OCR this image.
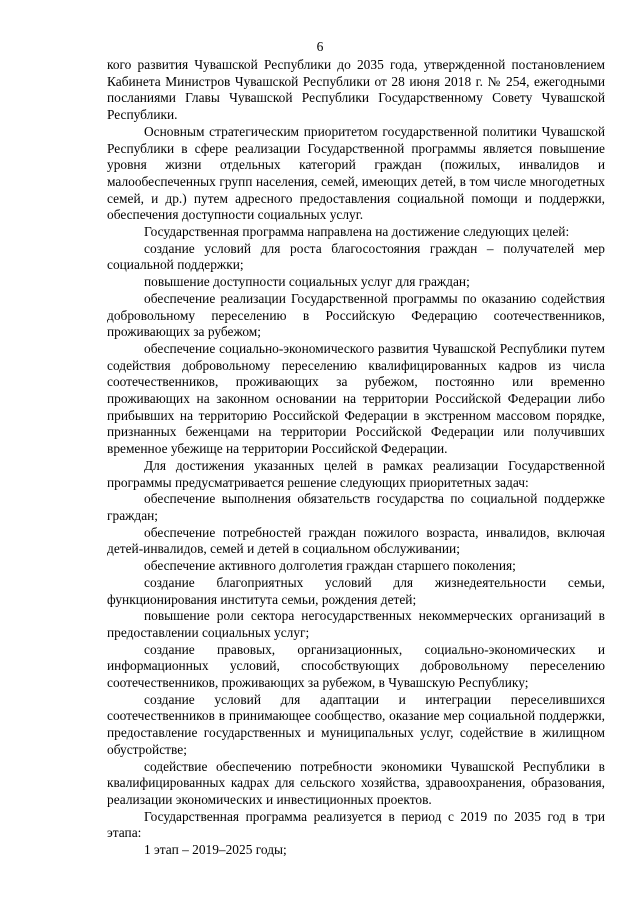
6

кого развития Чувашской Республики до 2035 года, утвержденной постановлением Кабинета Министров Чувашской Республики от 28 июня 2018 г. № 254, ежегодными посланиями Главы Чувашской Республики Государственному Совету Чувашской Республики.

Основным стратегическим приоритетом государственной политики Чувашской Республики в сфере реализации Государственной программы является повышение уровня жизни отдельных категорий граждан (пожилых, инвалидов и малообеспеченных групп населения, семей, имеющих детей, в том числе многодетных семей, и др.) путем адресного предоставления социальной помощи и поддержки, обеспечения доступности социальных услуг.

Государственная программа направлена на достижение следующих целей:

создание условий для роста благосостояния граждан – получателей мер социальной поддержки;

повышение доступности социальных услуг для граждан;

обеспечение реализации Государственной программы по оказанию содействия добровольному переселению в Российскую Федерацию соотечественников, проживающих за рубежом;

обеспечение социально-экономического развития Чувашской Республики путем содействия добровольному переселению квалифицированных кадров из числа соотечественников, проживающих за рубежом, постоянно или временно проживающих на законном основании на территории Российской Федерации либо прибывших на территорию Российской Федерации в экстренном массовом порядке, признанных беженцами на территории Российской Федерации или получивших временное убежище на территории Российской Федерации.

Для достижения указанных целей в рамках реализации Государственной программы предусматривается решение следующих приоритетных задач:

обеспечение выполнения обязательств государства по социальной поддержке граждан;

обеспечение потребностей граждан пожилого возраста, инвалидов, включая детей-инвалидов, семей и детей в социальном обслуживании;

обеспечение активного долголетия граждан старшего поколения;

создание благоприятных условий для жизнедеятельности семьи, функционирования института семьи, рождения детей;

повышение роли сектора негосударственных некоммерческих организаций в предоставлении социальных услуг;

создание правовых, организационных, социально-экономических и информационных условий, способствующих добровольному переселению соотечественников, проживающих за рубежом, в Чувашскую Республику;

создание условий для адаптации и интеграции переселившихся соотечественников в принимающее сообщество, оказание мер социальной поддержки, предоставление государственных и муниципальных услуг, содействие в жилищном обустройстве;

содействие обеспечению потребности экономики Чувашской Республики в квалифицированных кадрах для сельского хозяйства, здравоохранения, образования, реализации экономических и инвестиционных проектов.

Государственная программа реализуется в период с 2019 по 2035 год в три этапа:

1 этап – 2019–2025 годы;
